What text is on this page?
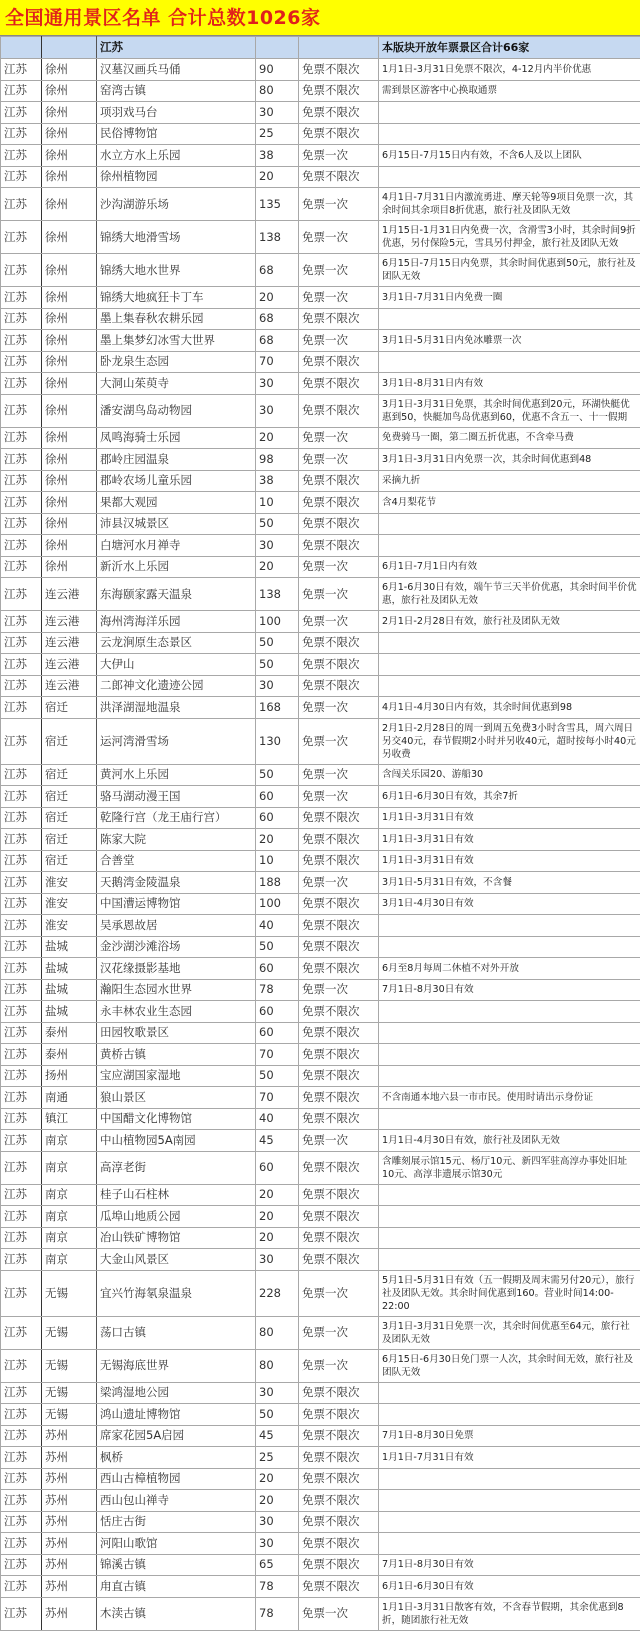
全国通用景区名单 合计总数1026家
		江苏			本版块开放年票景区合计66家
江苏	徐州	汉墓汉画兵马俑	90	免票不限次	1月1日-3月31日免票不限次，4-12月内半价优惠
江苏	徐州	窑湾古镇	80	免票不限次	需到景区游客中心换取通票
江苏	徐州	项羽戏马台	30	免票不限次	
江苏	徐州	民俗博物馆	25	免票不限次	
江苏	徐州	水立方水上乐园	38	免票一次	6月15日-7月15日内有效，不含6人及以上团队
江苏	徐州	徐州植物园	20	免票不限次	
江苏	徐州	沙沟湖游乐场	135	免票一次	4月1日-7月31日内激流勇进、摩天轮等9项目免票一次，其余时间其余项目8折优惠，旅行社及团队无效
江苏	徐州	锦绣大地滑雪场	138	免票一次	1月15日-1月31日内免费一次，含滑雪3小时，其余时间9折优惠，另付保险5元，雪具另付押金，旅行社及团队无效
江苏	徐州	锦绣大地水世界	68	免票一次	6月15日-7月15日内免票，其余时间优惠到50元，旅行社及团队无效
江苏	徐州	锦绣大地疯狂卡丁车	20	免票一次	3月1日-7月31日内免费一圈
江苏	徐州	墨上集春秋农耕乐园	68	免票不限次	
江苏	徐州	墨上集梦幻冰雪大世界	68	免票一次	3月1日-5月31日内免冰雕票一次
江苏	徐州	卧龙泉生态园	70	免票不限次	
江苏	徐州	大洞山茱萸寺	30	免票不限次	3月1日-8月31日内有效
江苏	徐州	潘安湖鸟岛动物园	30	免票不限次	3月1日-3月31日免票，其余时间优惠到20元，环湖快艇优惠到50，快艇加鸟岛优惠到60，优惠不含五一、十一假期
江苏	徐州	凤鸣海骑士乐园	20	免票一次	免费骑马一圈，第二圈五折优惠，不含牵马费
江苏	徐州	郡岭庄园温泉	98	免票一次	3月1日-3月31日内免票一次，其余时间优惠到48
江苏	徐州	郡岭农场儿童乐园	38	免票不限次	采摘九折
江苏	徐州	果都大观园	10	免票不限次	含4月梨花节
江苏	徐州	沛县汉城景区	50	免票不限次	
江苏	徐州	白塘河水月禅寺	30	免票不限次	
江苏	徐州	新沂水上乐园	20	免票一次	6月1日-7月1日内有效
江苏	连云港	东海颐家露天温泉	138	免票一次	6月1-6月30日有效，端午节三天半价优惠，其余时间半价优惠，旅行社及团队无效
江苏	连云港	海州湾海洋乐园	100	免票一次	2月1日-2月28日有效，旅行社及团队无效
江苏	连云港	云龙涧原生态景区	50	免票不限次	
江苏	连云港	大伊山	50	免票不限次	
江苏	连云港	二郎神文化遗迹公园	30	免票不限次	
江苏	宿迁	洪泽湖湿地温泉	168	免票一次	4月1日-4月30日内有效，其余时间优惠到98
江苏	宿迁	运河湾滑雪场	130	免票一次	2月1日-2月28日的周一到周五免费3小时含雪具，周六周日另交40元，春节假期2小时并另收40元，超时按每小时40元另收费
江苏	宿迁	黄河水上乐园	50	免票一次	含闯关乐园20、游船30
江苏	宿迁	骆马湖动漫王国	60	免票一次	6月1日-6月30日有效，其余7折
江苏	宿迁	乾隆行宫（龙王庙行宫）	60	免票不限次	1月1日-3月31日有效
江苏	宿迁	陈家大院	20	免票不限次	1月1日-3月31日有效
江苏	宿迁	合善堂	10	免票不限次	1月1日-3月31日有效
江苏	淮安	天鹅湾金陵温泉	188	免票一次	3月1日-5月31日有效，不含餐
江苏	淮安	中国漕运博物馆	100	免票不限次	3月1日-4月30日有效
江苏	淮安	吴承恩故居	40	免票不限次	
江苏	盐城	金沙湖沙滩浴场	50	免票不限次	
江苏	盐城	汉花缘摄影基地	60	免票不限次	6月至8月每周二休植不对外开放
江苏	盐城	瀚阳生态园水世界	78	免票一次	7月1日-8月30日有效
江苏	盐城	永丰林农业生态园	60	免票不限次	
江苏	泰州	田园牧歌景区	60	免票不限次	
江苏	泰州	黄桥古镇	70	免票不限次	
江苏	扬州	宝应湖国家湿地	50	免票不限次	
江苏	南通	狼山景区	70	免票不限次	不含南通本地六县一市市民。使用时请出示身份证
江苏	镇江	中国醋文化博物馆	40	免票不限次	
江苏	南京	中山植物园5A南园	45	免票一次	1月1日-4月30日有效，旅行社及团队无效
江苏	南京	高淳老街	60	免票不限次	含雕刻展示馆15元、杨厅10元、新四军驻高淳办事处旧址10元、高淳非遗展示馆30元
江苏	南京	桂子山石柱林	20	免票不限次	
江苏	南京	瓜埠山地质公园	20	免票不限次	
江苏	南京	冶山铁矿博物馆	20	免票不限次	
江苏	南京	大金山风景区	30	免票不限次	
江苏	无锡	宜兴竹海氡泉温泉	228	免票一次	5月1日-5月31日有效（五一假期及周末需另付20元），旅行社及团队无效。其余时间优惠到160。营业时间14:00-22:00
江苏	无锡	荡口古镇	80	免票一次	3月1日-3月31日免票一次，其余时间优惠至64元，旅行社及团队无效
江苏	无锡	无锡海底世界	80	免票一次	6月15日-6月30日免门票一人次，其余时间无效，旅行社及团队无效
江苏	无锡	梁鸿湿地公园	30	免票不限次	
江苏	无锡	鸿山遗址博物馆	50	免票不限次	
江苏	苏州	席家花园5A启园	45	免票不限次	7月1日-8月30日免票
江苏	苏州	枫桥	25	免票不限次	1月1日-7月31日有效
江苏	苏州	西山古樟植物园	20	免票不限次	
江苏	苏州	西山包山禅寺	20	免票不限次	
江苏	苏州	恬庄古街	30	免票不限次	
江苏	苏州	河阳山歌馆	30	免票不限次	
江苏	苏州	锦溪古镇	65	免票不限次	7月1日-8月30日有效
江苏	苏州	甪直古镇	78	免票不限次	6月1日-6月30日有效
江苏	苏州	木渎古镇	78	免票一次	1月1日-3月31日散客有效，不含春节假期，其余优惠到8折，随团旅行社无效
